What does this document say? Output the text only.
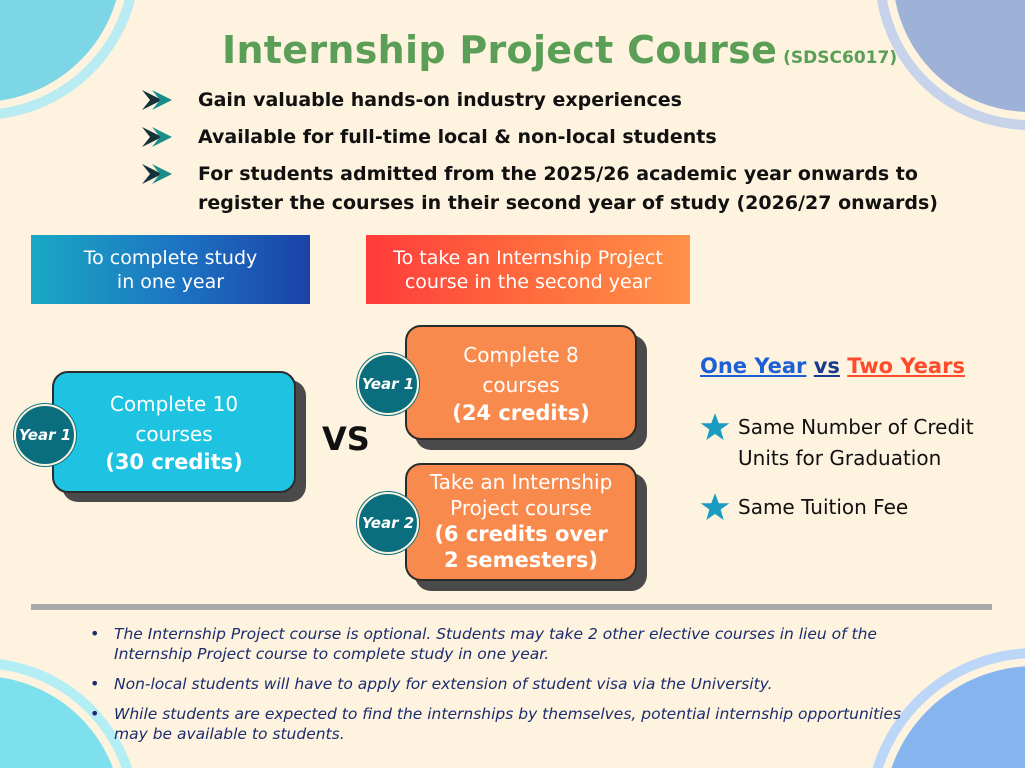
Internship Project Course (SDSC6017)
Gain valuable hands-on industry experiences
Available for full-time local & non-local students
For students admitted from the 2025/26 academic year onwards to register the courses in their second year of study (2026/27 onwards)
To complete study
in one year
To take an Internship Project
course in the second year
Complete 10
courses
(30 credits)
Year 1	VS
Complete 8
courses
(24 credits)
Year 1
Take an Internship
Project course
(6 credits over
2 semesters)
Year 2
One Year vs Two Years
Same Number of Credit Units for Graduation
Same Tuition Fee
• The Internship Project course is optional. Students may take 2 other elective courses in lieu of the Internship Project course to complete study in one year.
• Non-local students will have to apply for extension of student visa via the University.
• While students are expected to find the internships by themselves, potential internship opportunities may be available to students.
